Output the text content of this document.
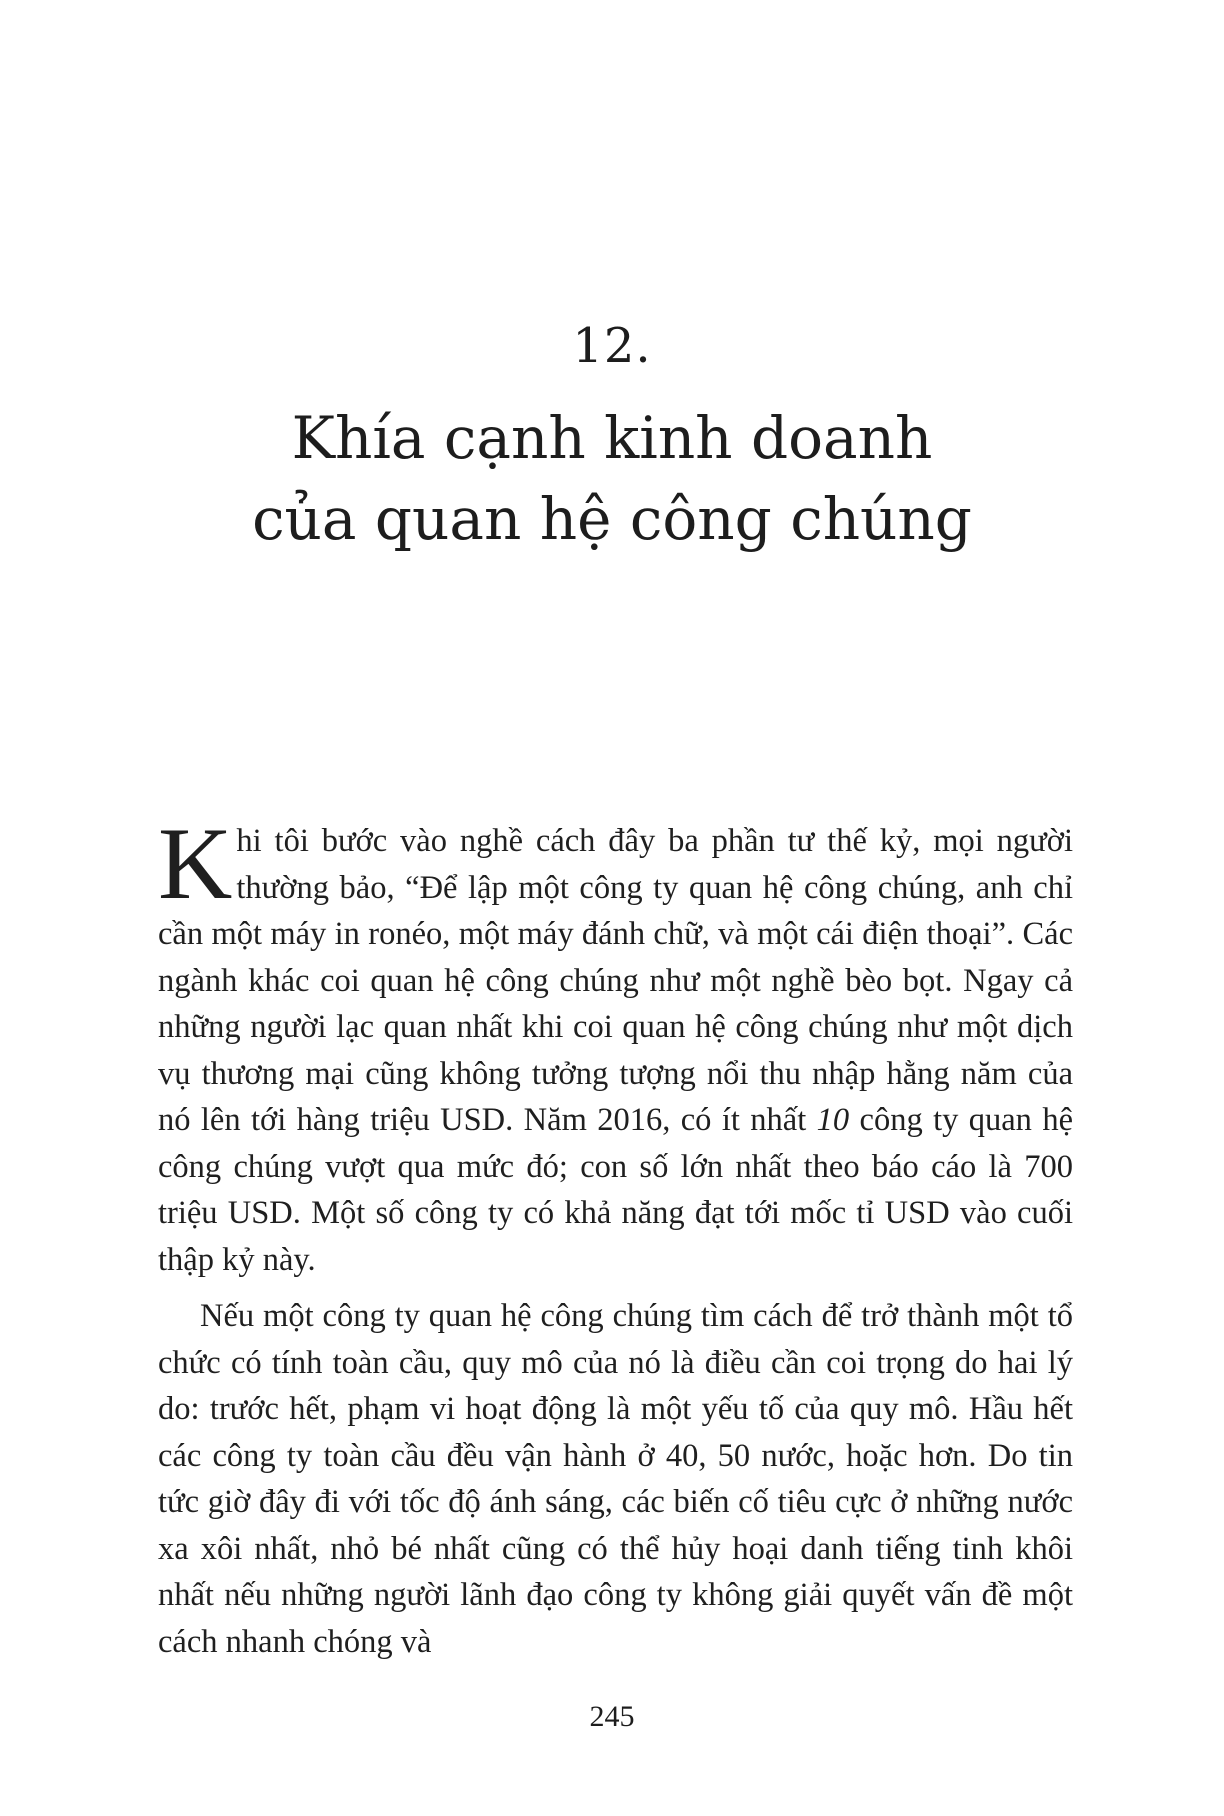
12.
Khía cạnh kinh doanh
của quan hệ công chúng

Khi tôi bước vào nghề cách đây ba phần tư thế kỷ, mọi người thường bảo, “Để lập một công ty quan hệ công chúng, anh chỉ cần một máy in ronéo, một máy đánh chữ, và một cái điện thoại”. Các ngành khác coi quan hệ công chúng như một nghề bèo bọt. Ngay cả những người lạc quan nhất khi coi quan hệ công chúng như một dịch vụ thương mại cũng không tưởng tượng nổi thu nhập hằng năm của nó lên tới hàng triệu USD. Năm 2016, có ít nhất 10 công ty quan hệ công chúng vượt qua mức đó; con số lớn nhất theo báo cáo là 700 triệu USD. Một số công ty có khả năng đạt tới mốc tỉ USD vào cuối thập kỷ này.

Nếu một công ty quan hệ công chúng tìm cách để trở thành một tổ chức có tính toàn cầu, quy mô của nó là điều cần coi trọng do hai lý do: trước hết, phạm vi hoạt động là một yếu tố của quy mô. Hầu hết các công ty toàn cầu đều vận hành ở 40, 50 nước, hoặc hơn. Do tin tức giờ đây đi với tốc độ ánh sáng, các biến cố tiêu cực ở những nước xa xôi nhất, nhỏ bé nhất cũng có thể hủy hoại danh tiếng tinh khôi nhất nếu những người lãnh đạo công ty không giải quyết vấn đề một cách nhanh chóng và

245
